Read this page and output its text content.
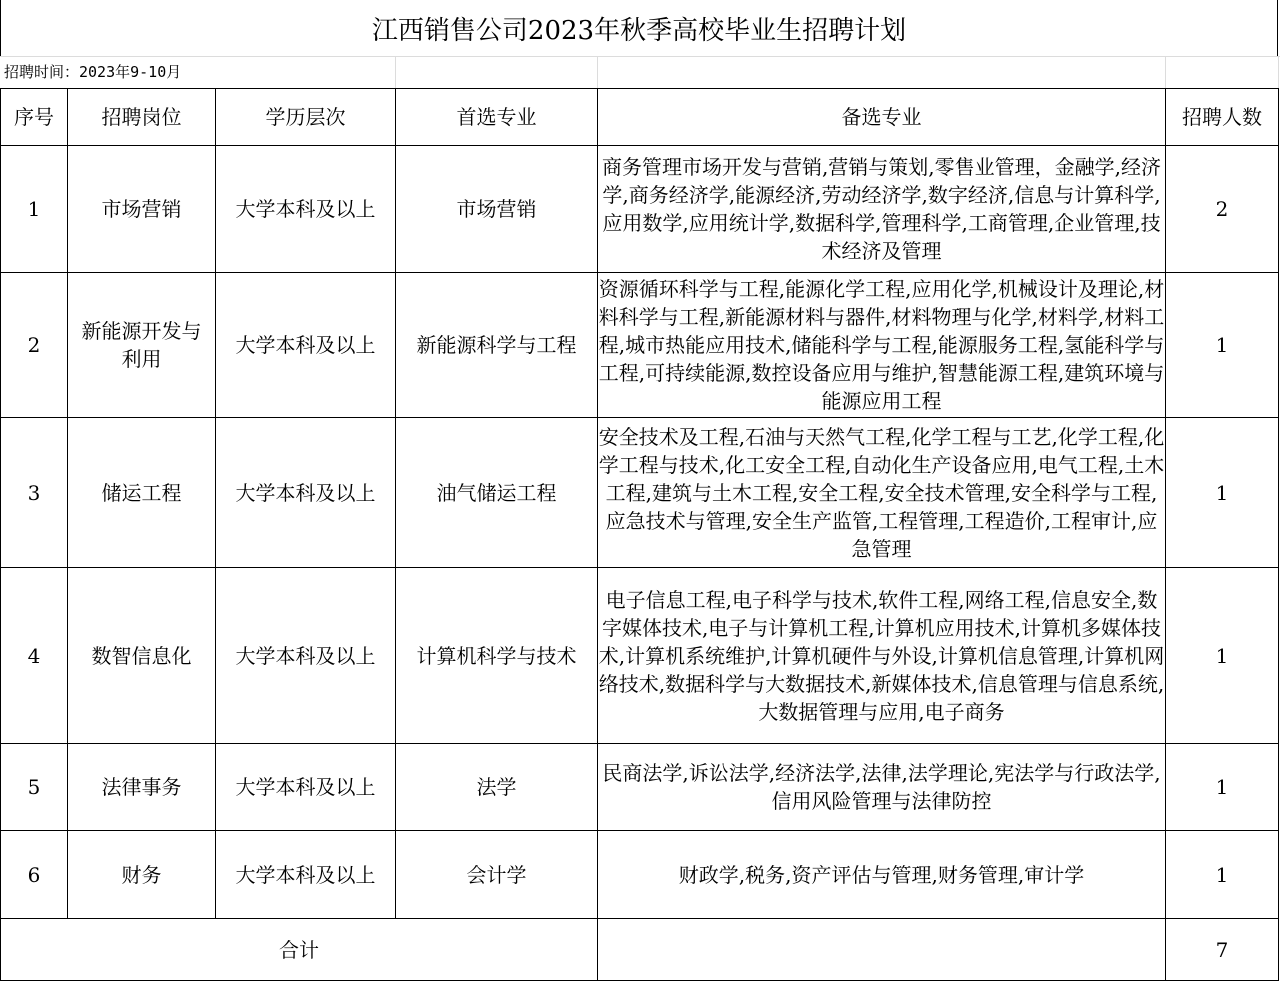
江西销售公司2023年秋季高校毕业生招聘计划
招聘时间：2023年9-10月
序号	招聘岗位	学历层次	首选专业	备选专业	招聘人数
1	市场营销	大学本科及以上	市场营销	商务管理市场开发与营销,营销与策划,零售业管理，金融学,经济学,商务经济学,能源经济,劳动经济学,数字经济,信息与计算科学,应用数学,应用统计学,数据科学,管理科学,工商管理,企业管理,技术经济及管理	2
2	新能源开发与利用	大学本科及以上	新能源科学与工程	资源循环科学与工程,能源化学工程,应用化学,机械设计及理论,材料科学与工程,新能源材料与器件,材料物理与化学,材料学,材料工程,城市热能应用技术,储能科学与工程,能源服务工程,氢能科学与工程,可持续能源,数控设备应用与维护,智慧能源工程,建筑环境与能源应用工程	1
3	储运工程	大学本科及以上	油气储运工程	安全技术及工程,石油与天然气工程,化学工程与工艺,化学工程,化学工程与技术,化工安全工程,自动化生产设备应用,电气工程,土木工程,建筑与土木工程,安全工程,安全技术管理,安全科学与工程,应急技术与管理,安全生产监管,工程管理,工程造价,工程审计,应急管理	1
4	数智信息化	大学本科及以上	计算机科学与技术	电子信息工程,电子科学与技术,软件工程,网络工程,信息安全,数字媒体技术,电子与计算机工程,计算机应用技术,计算机多媒体技术,计算机系统维护,计算机硬件与外设,计算机信息管理,计算机网络技术,数据科学与大数据技术,新媒体技术,信息管理与信息系统,大数据管理与应用,电子商务	1
5	法律事务	大学本科及以上	法学	民商法学,诉讼法学,经济法学,法律,法学理论,宪法学与行政法学,信用风险管理与法律防控	1
6	财务	大学本科及以上	会计学	财政学,税务,资产评估与管理,财务管理,审计学	1
合计					7
